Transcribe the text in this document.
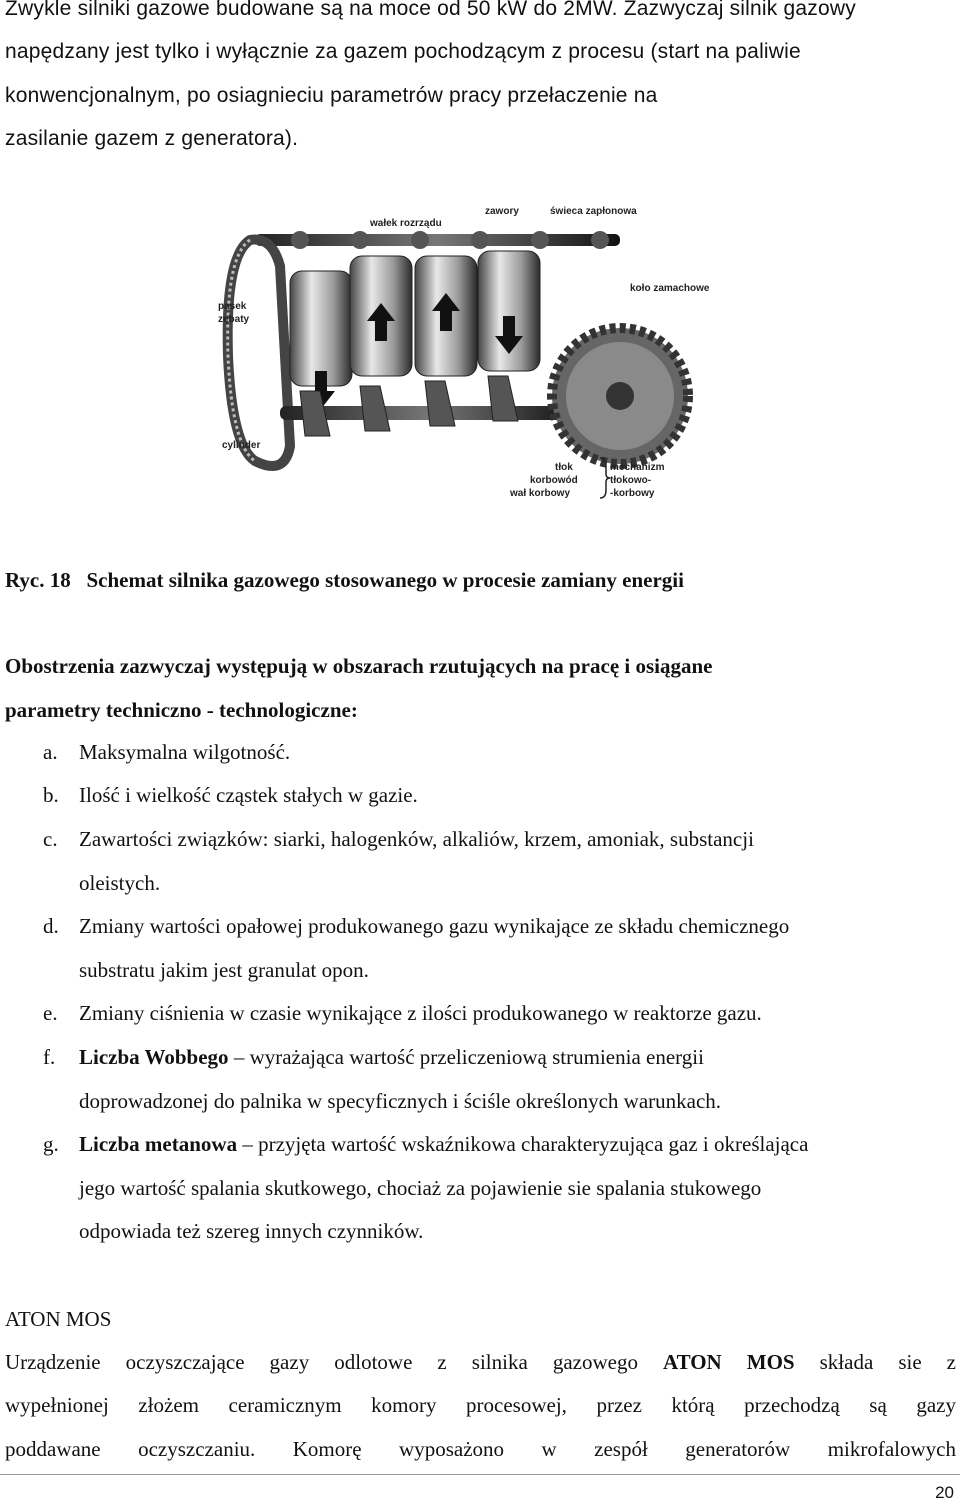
Zwykle silniki gazowe budowane są na moce od 50 kW do 2MW. Zazwyczaj silnik gazowy
napędzany jest tylko i wyłącznie za gazem pochodzącym z procesu (start na paliwie
konwencjonalnym, po osiagnieciu parametrów pracy przełaczenie na
zasilanie gazem z generatora).
wałek rozrządu
zawory	świeca zapłonowa
koło zamachowe
pasek
zębaty
cylinder
tłok
korbowód
wał korbowy
mechanizm
tłokowo-
-korbowy
Ryc. 18 Schemat silnika gazowego stosowanego w procesie zamiany energii
Obostrzenia zazwyczaj występują w obszarach rzutujących na pracę i osiągane
parametry techniczno - technologiczne:
a. Maksymalna wilgotność.
b. Ilość i wielkość cząstek stałych w gazie.
c. Zawartości związków: siarki, halogenków, alkaliów, krzem, amoniak, substancji
oleistych.
d. Zmiany wartości opałowej produkowanego gazu wynikające ze składu chemicznego
substratu jakim jest granulat opon.
e. Zmiany ciśnienia w czasie wynikające z ilości produkowanego w reaktorze gazu.
f. Liczba Wobbego – wyrażająca wartość przeliczeniową strumienia energii
doprowadzonej do palnika w specyficznych i ściśle określonych warunkach.
g. Liczba metanowa – przyjęta wartość wskaźnikowa charakteryzująca gaz i określająca
jego wartość spalania skutkowego, chociaż za pojawienie sie spalania stukowego
odpowiada też szereg innych czynników.
ATON MOS
Urządzenie oczyszczające gazy odlotowe z silnika gazowego ATON MOS składa sie z
wypełnionej złożem ceramicznym komory procesowej, przez którą przechodzą są gazy
poddawane oczyszczaniu. Komorę wyposażono w zespół generatorów mikrofalowych
20
